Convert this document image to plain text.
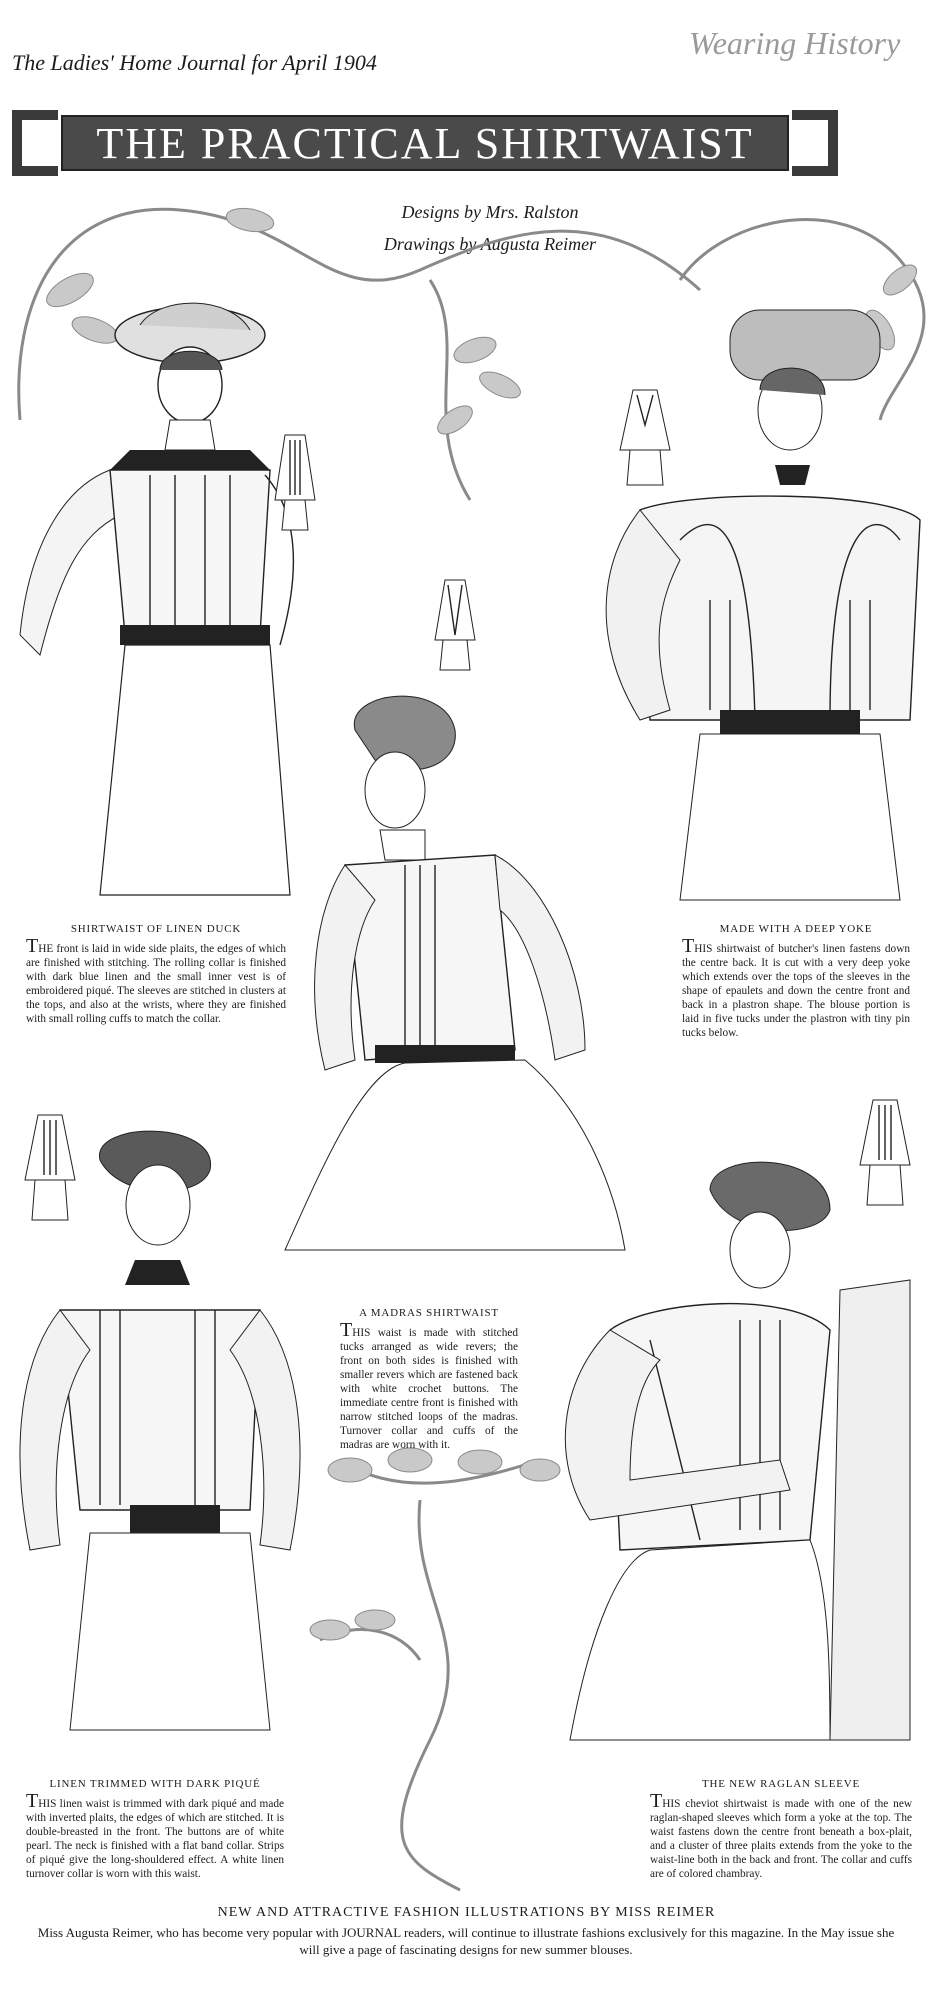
The Ladies' Home Journal for April 1904
Wearing History
THE PRACTICAL SHIRTWAIST
Designs by Mrs. Ralston
Drawings by Augusta Reimer

SHIRTWAIST OF LINEN DUCK

THE front is laid in wide side plaits, the edges of which are finished with stitching. The rolling collar is finished with dark blue linen and the small inner vest is of embroidered piqué. The sleeves are stitched in clusters at the tops, and also at the wrists, where they are finished with small rolling cuffs to match the collar.

MADE WITH A DEEP YOKE

THIS shirtwaist of butcher's linen fastens down the centre back. It is cut with a very deep yoke which extends over the tops of the sleeves in the shape of epaulets and down the centre front and back in a plastron shape. The blouse portion is laid in five tucks under the plastron with tiny pin tucks below.

A MADRAS SHIRTWAIST

THIS waist is made with stitched tucks arranged as wide revers; the front on both sides is finished with smaller revers which are fastened back with white crochet buttons. The immediate centre front is finished with narrow stitched loops of the madras. Turnover collar and cuffs of the madras are worn with it.

LINEN TRIMMED WITH DARK PIQUÉ

THIS linen waist is trimmed with dark piqué and made with inverted plaits, the edges of which are stitched. It is double-breasted in the front. The buttons are of white pearl. The neck is finished with a flat band collar. Strips of piqué give the long-shouldered effect. A white linen turnover collar is worn with this waist.

THE NEW RAGLAN SLEEVE

THIS cheviot shirtwaist is made with one of the new raglan-shaped sleeves which form a yoke at the top. The waist fastens down the centre front beneath a box-plait, and a cluster of three plaits extends from the yoke to the waist-line both in the back and front. The collar and cuffs are of colored chambray.

NEW AND ATTRACTIVE FASHION ILLUSTRATIONS BY MISS REIMER
Miss Augusta Reimer, who has become very popular with JOURNAL readers, will continue to illustrate fashions exclusively for this magazine. In the May issue she will give a page of fascinating designs for new summer blouses.
